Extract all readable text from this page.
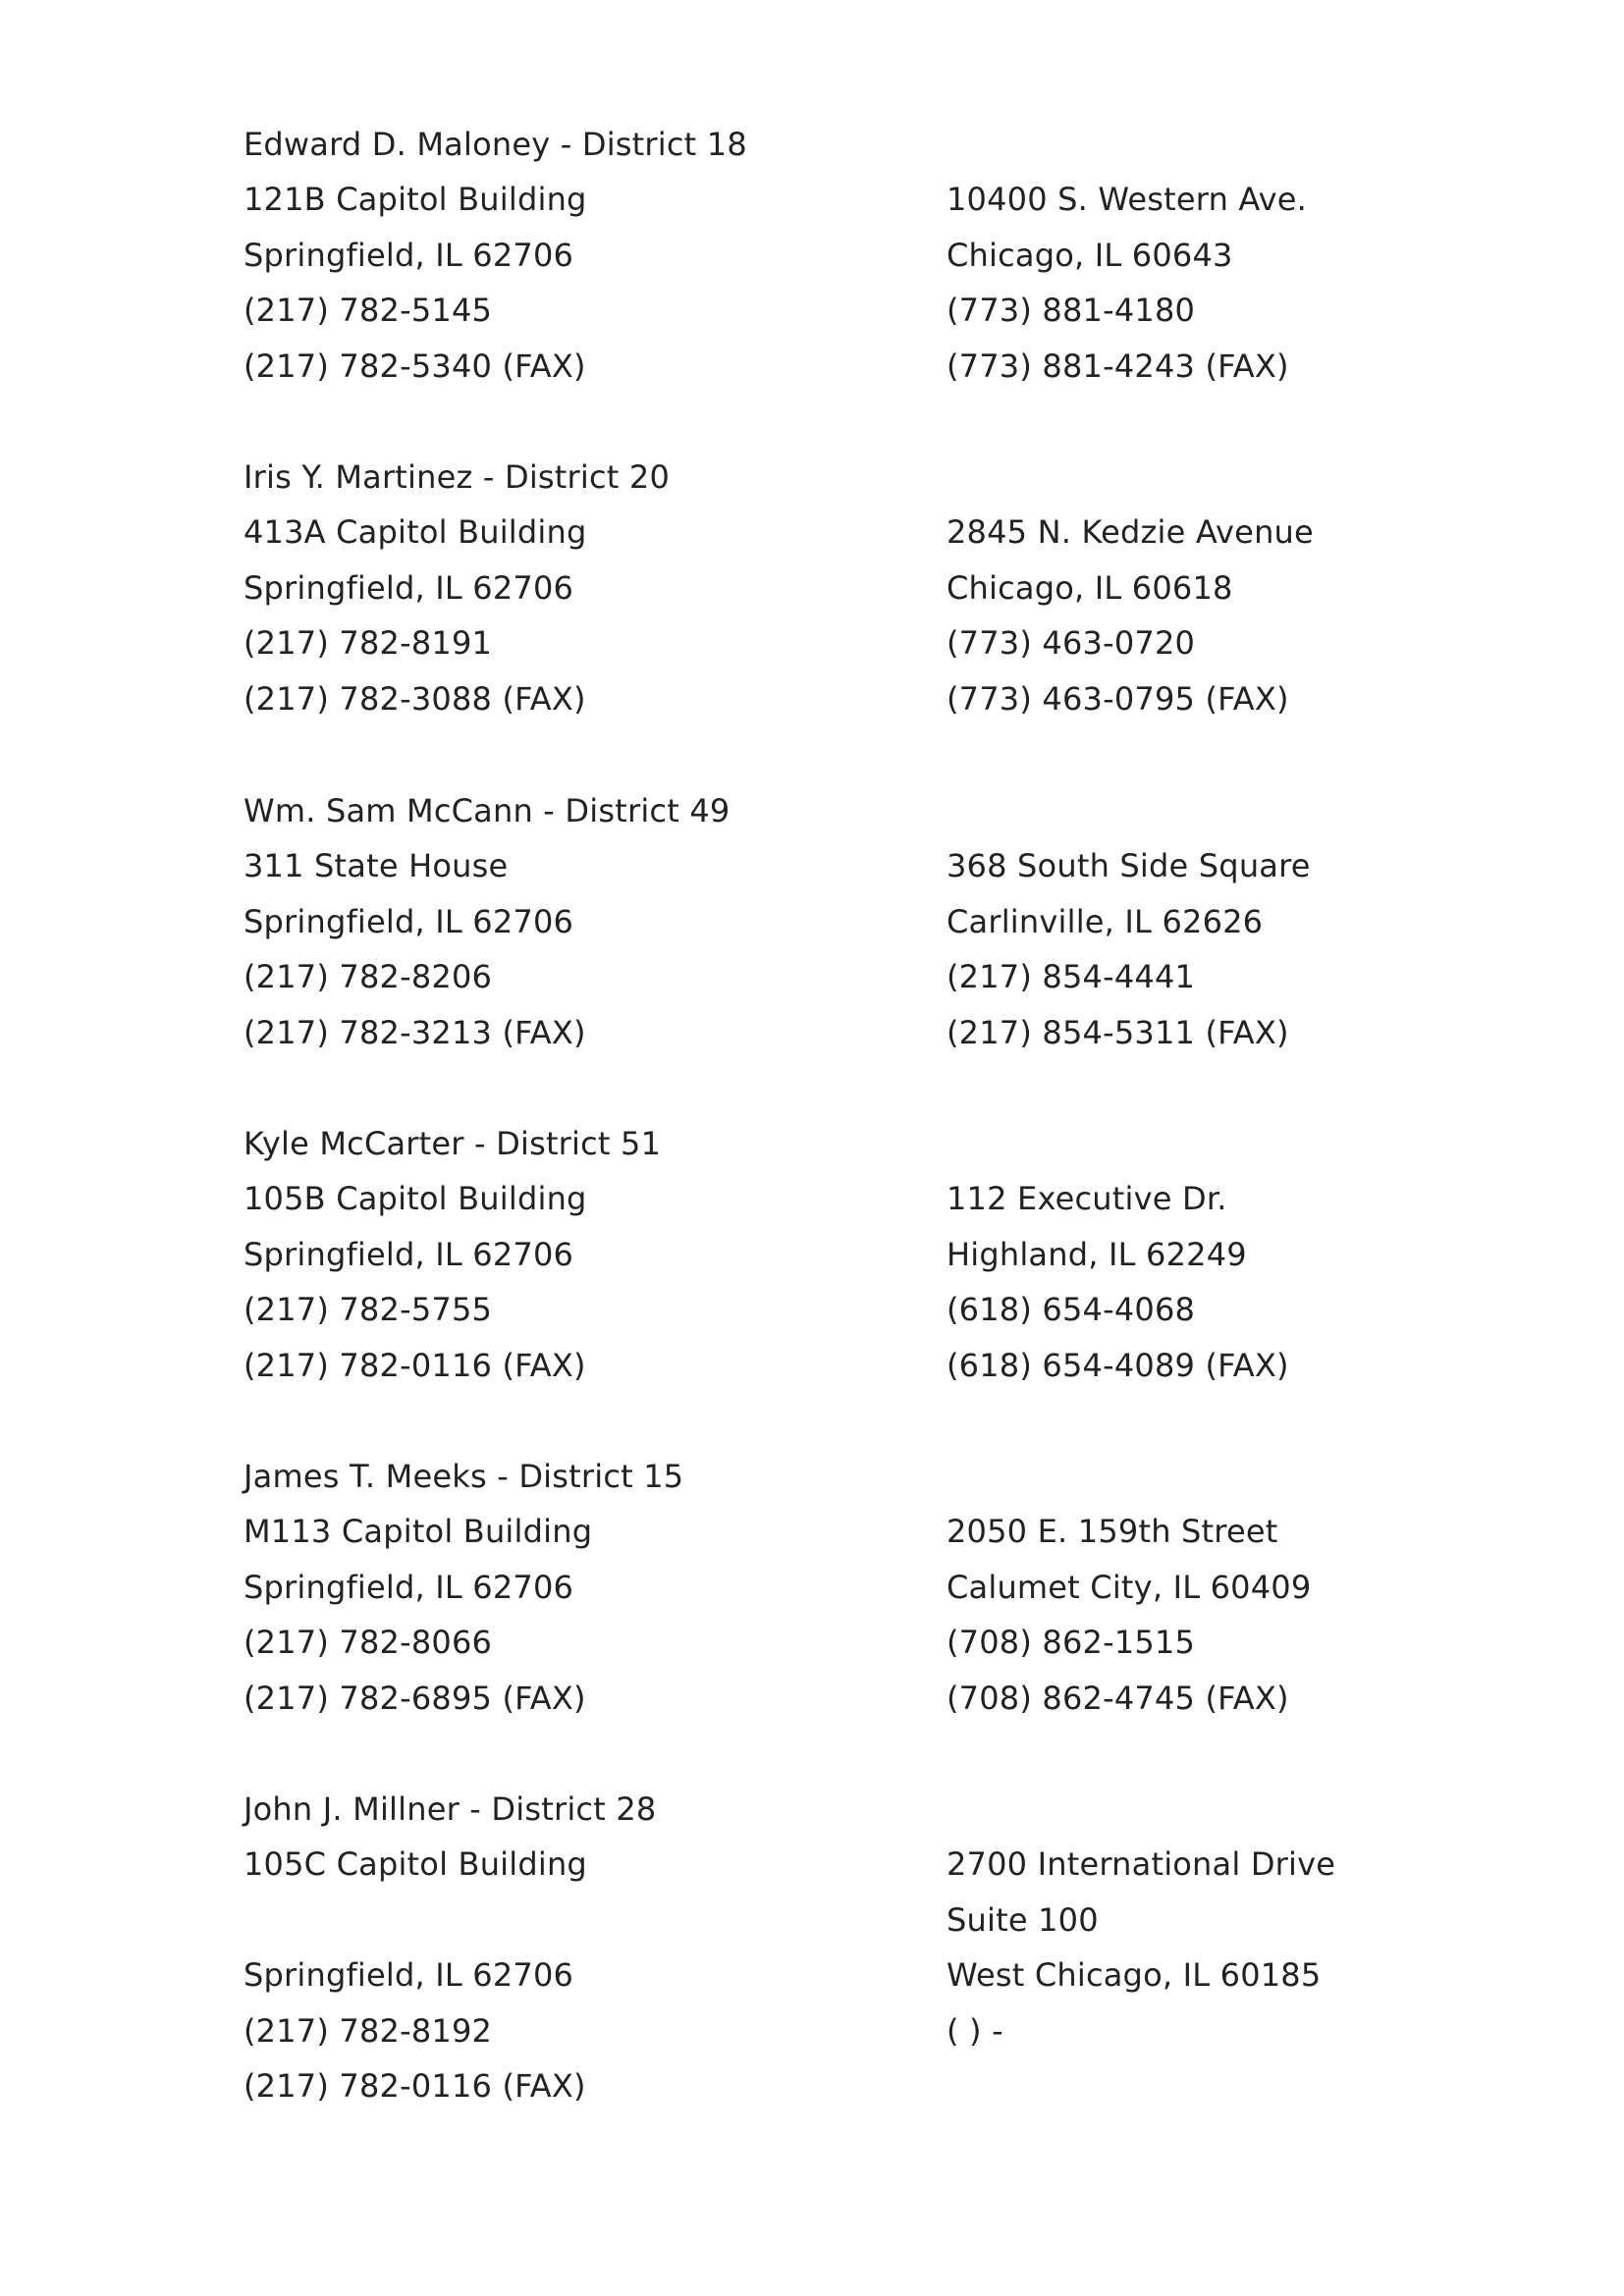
Edward D. Maloney - District 18
121B Capitol Building
Springfield, IL 62706
(217) 782-5145
(217) 782-5340 (FAX)
10400 S. Western Ave.
Chicago, IL 60643
(773) 881-4180
(773) 881-4243 (FAX)
Iris Y. Martinez - District 20
413A Capitol Building
Springfield, IL 62706
(217) 782-8191
(217) 782-3088 (FAX)
2845 N. Kedzie Avenue
Chicago, IL 60618
(773) 463-0720
(773) 463-0795 (FAX)
Wm. Sam McCann - District 49
311 State House
Springfield, IL 62706
(217) 782-8206
(217) 782-3213 (FAX)
368 South Side Square
Carlinville, IL 62626
(217) 854-4441
(217) 854-5311 (FAX)
Kyle McCarter - District 51
105B Capitol Building
Springfield, IL 62706
(217) 782-5755
(217) 782-0116 (FAX)
112 Executive Dr.
Highland, IL 62249
(618) 654-4068
(618) 654-4089 (FAX)
James T. Meeks - District 15
M113 Capitol Building
Springfield, IL 62706
(217) 782-8066
(217) 782-6895 (FAX)
2050 E. 159th Street
Calumet City, IL 60409
(708) 862-1515
(708) 862-4745 (FAX)
John J. Millner - District 28
105C Capitol Building
Springfield, IL 62706
(217) 782-8192
(217) 782-0116 (FAX)
2700 International Drive
Suite 100
West Chicago, IL 60185
( ) -
